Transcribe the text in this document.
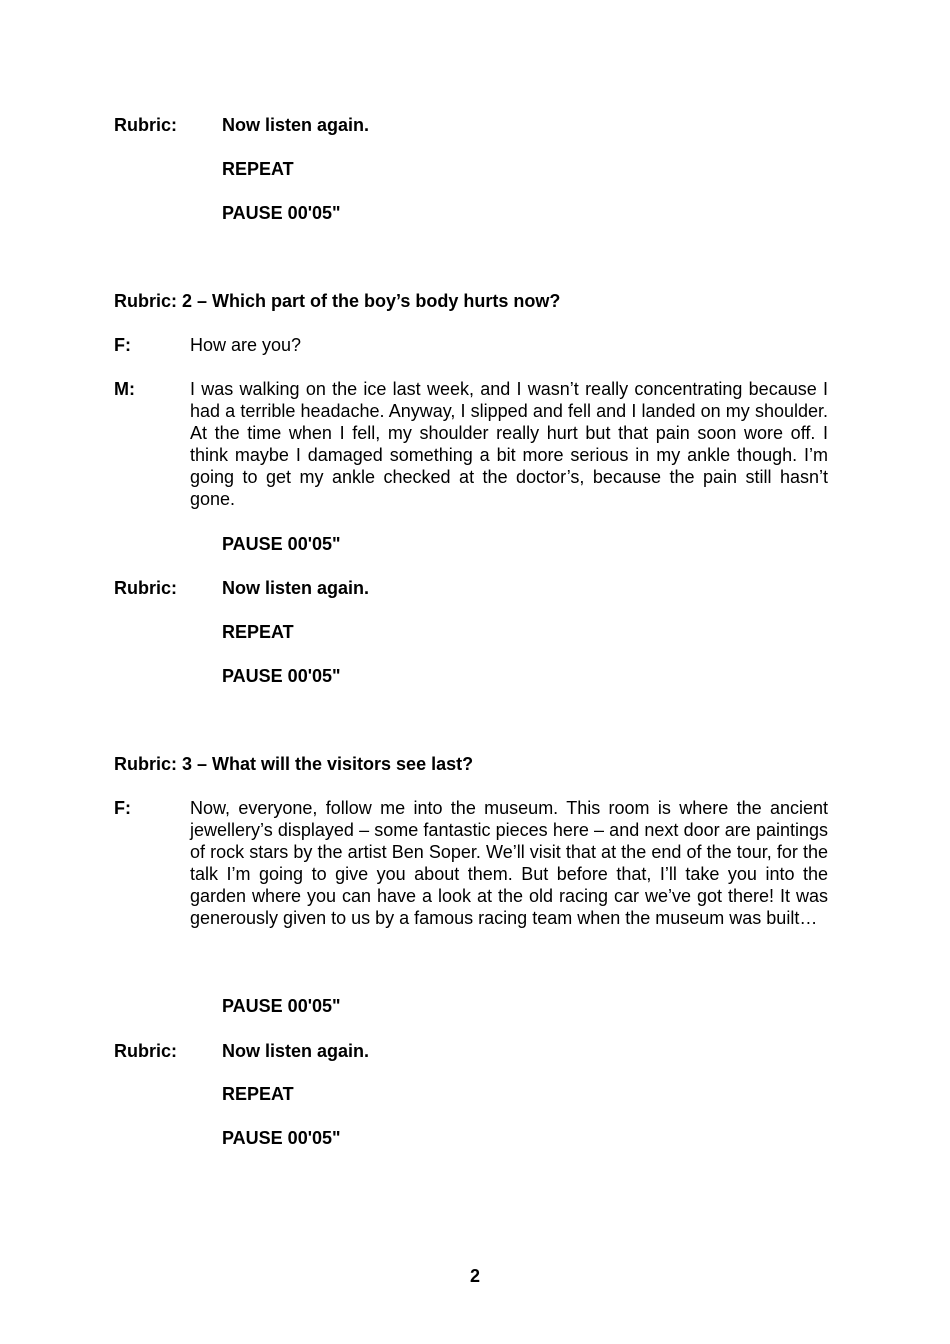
Rubric:	Now listen again.
REPEAT
PAUSE 00'05"
Rubric: 2 – Which part of the boy’s body hurts now?
F:	How are you?
M:	I was walking on the ice last week, and I wasn’t really concentrating because I had a terrible headache. Anyway, I slipped and fell and I landed on my shoulder. At the time when I fell, my shoulder really hurt but that pain soon wore off. I think maybe I damaged something a bit more serious in my ankle though. I’m going to get my ankle checked at the doctor’s, because the pain still hasn’t gone.
PAUSE 00'05"
Rubric:	Now listen again.
REPEAT
PAUSE 00'05"
Rubric: 3 – What will the visitors see last?
F:	Now, everyone, follow me into the museum. This room is where the ancient jewellery’s displayed – some fantastic pieces here – and next door are paintings of rock stars by the artist Ben Soper. We’ll visit that at the end of the tour, for the talk I’m going to give you about them. But before that, I’ll take you into the garden where you can have a look at the old racing car we’ve got there! It was generously given to us by a famous racing team when the museum was built…
PAUSE 00'05"
Rubric:	Now listen again.
REPEAT
PAUSE 00'05"
2
